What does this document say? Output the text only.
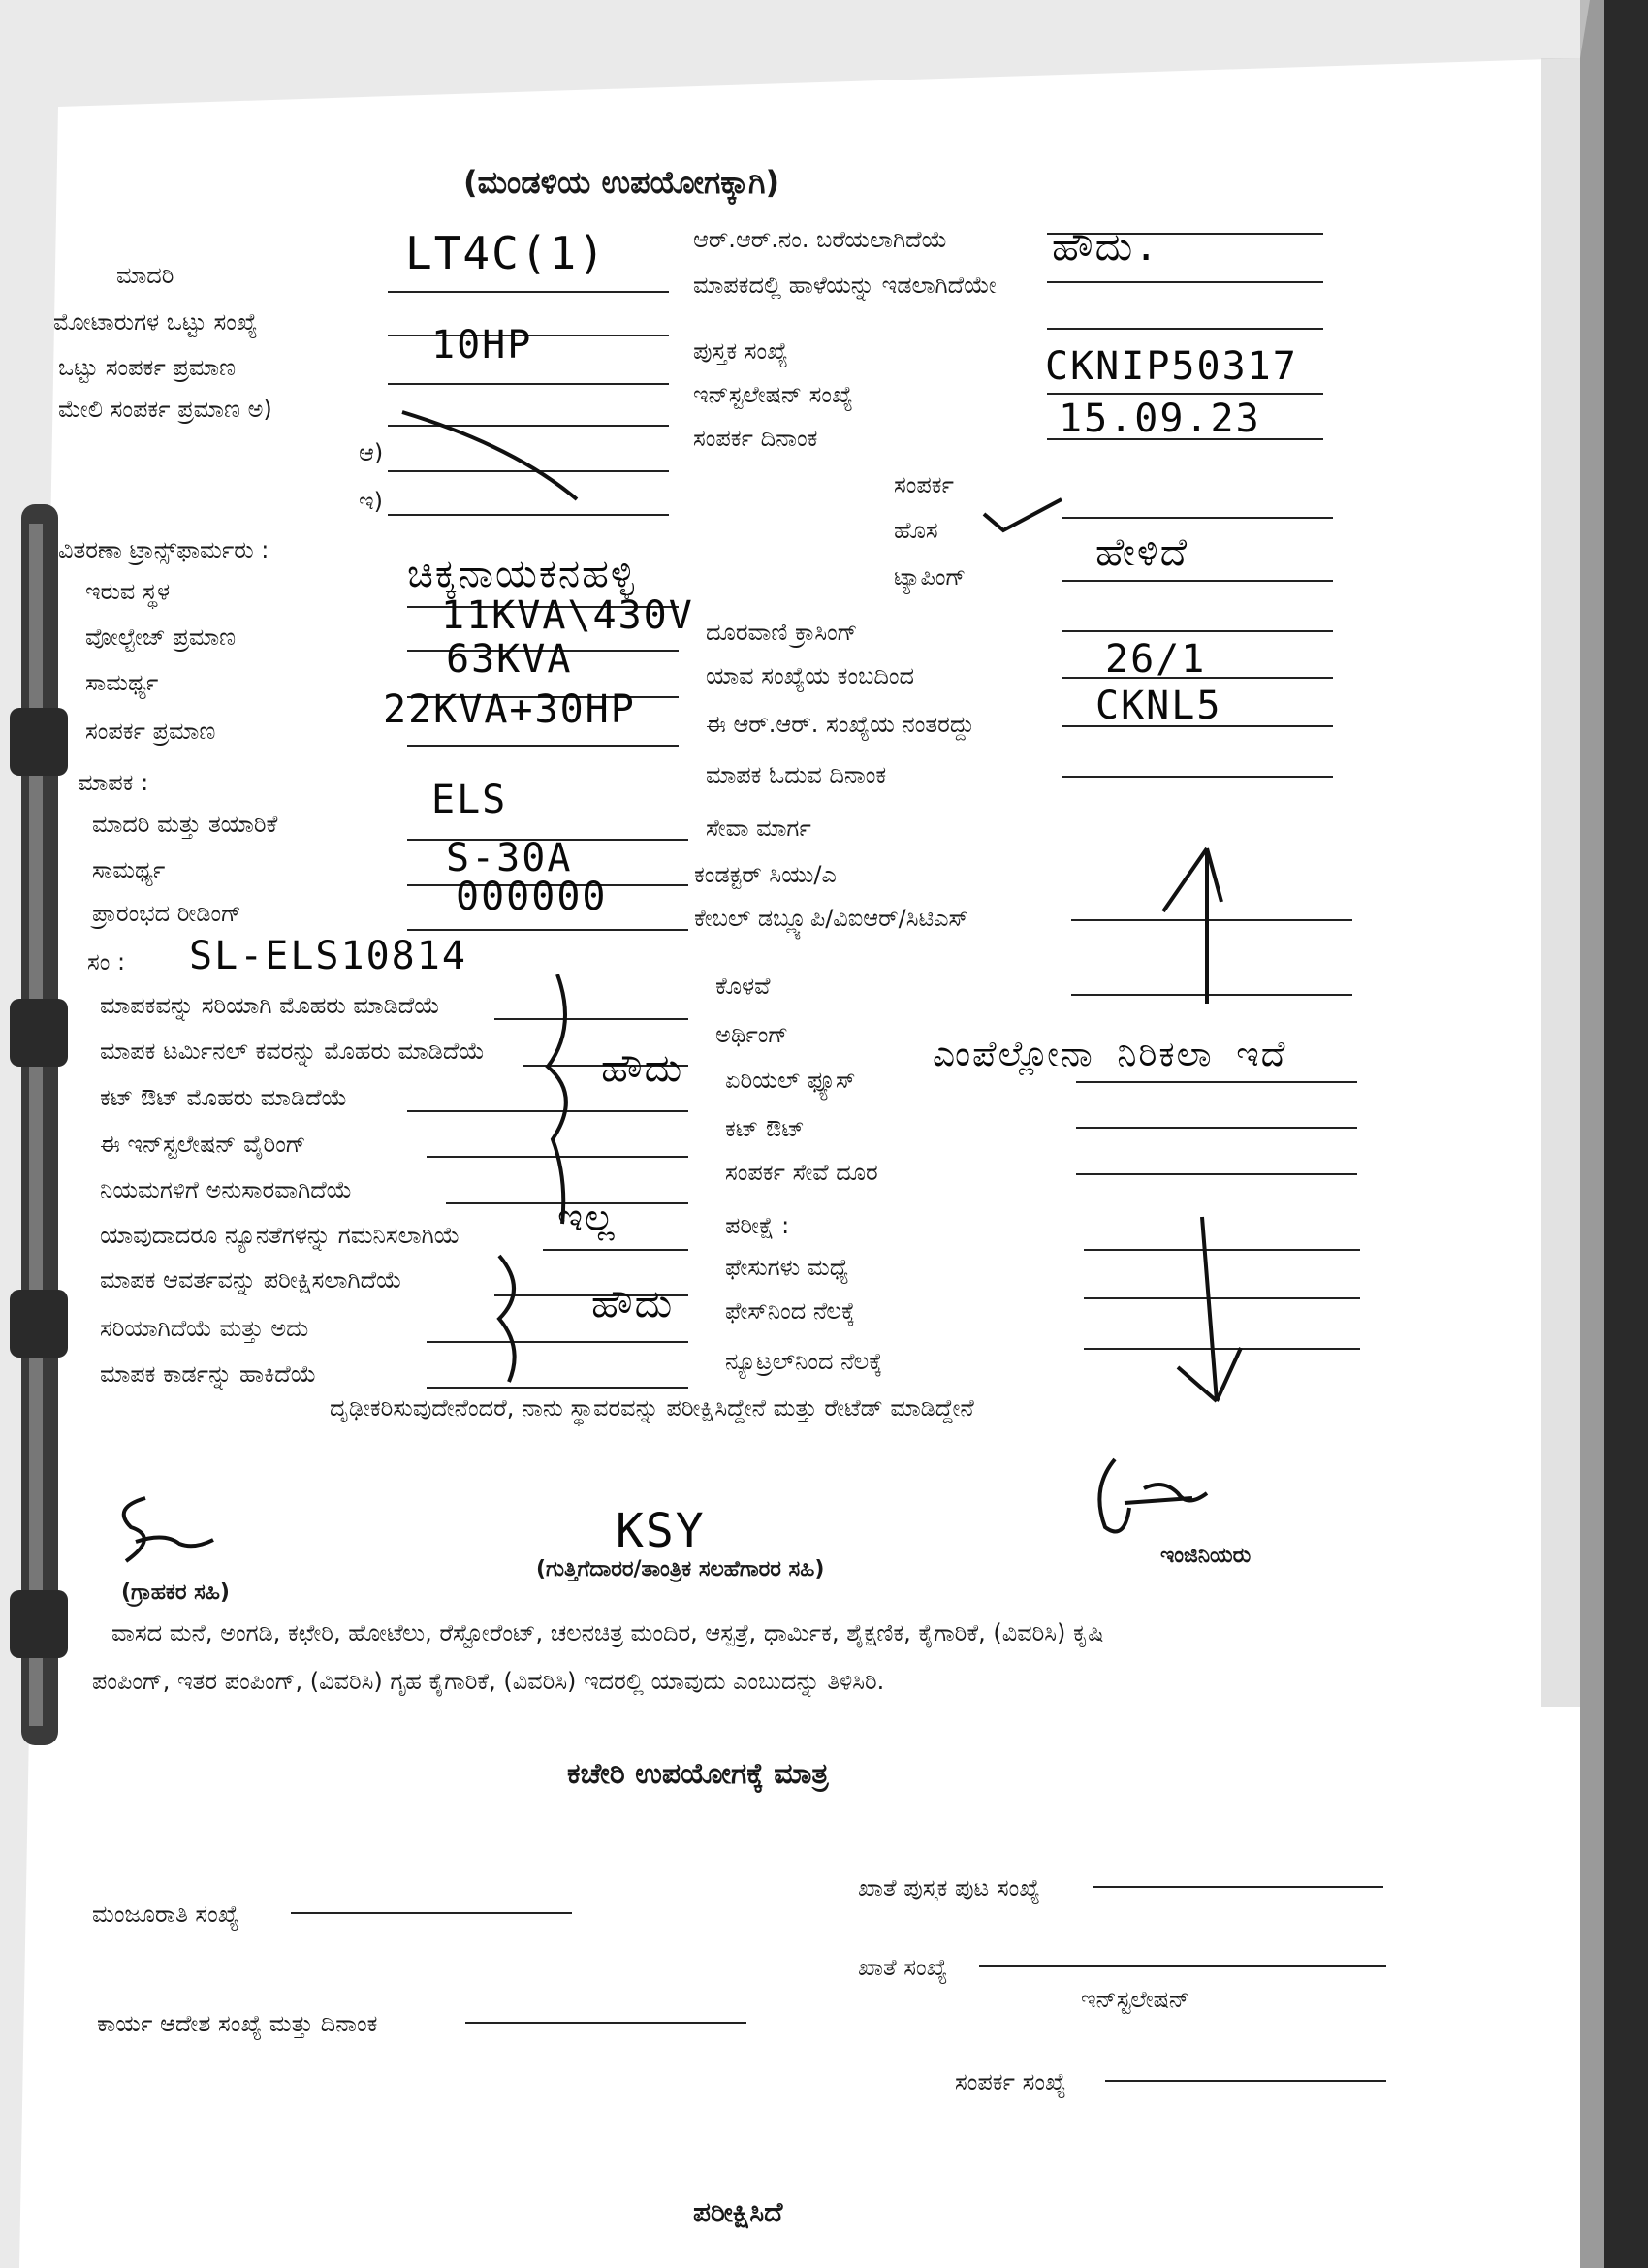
(ಮಂಡಳಿಯ ಉಪಯೋಗಕ್ಕಾಗಿ)
ಮಾದರಿ
ಮೋಟಾರುಗಳ ಒಟ್ಟು ಸಂಖ್ಯೆ
ಒಟ್ಟು ಸಂಪರ್ಕ ಪ್ರಮಾಣ
ಮೇಲಿ ಸಂಪರ್ಕ ಪ್ರಮಾಣ ಅ)
ಆ)
ಇ)
ವಿತರಣಾ ಟ್ರಾನ್ಸ್‌ಫಾರ್ಮರು :
ಇರುವ ಸ್ಥಳ
ವೋಲ್ಟೇಜ್ ಪ್ರಮಾಣ
ಸಾಮರ್ಥ್ಯ
ಸಂಪರ್ಕ ಪ್ರಮಾಣ
ಮಾಪಕ :
ಮಾದರಿ ಮತ್ತು ತಯಾರಿಕೆ
ಸಾಮರ್ಥ್ಯ
ಪ್ರಾರಂಭದ ರೀಡಿಂಗ್
ಸಂ :
ಮಾಪಕವನ್ನು ಸರಿಯಾಗಿ ಮೊಹರು ಮಾಡಿದೆಯೆ
ಮಾಪಕ ಟರ್ಮಿನಲ್ ಕವರನ್ನು ಮೊಹರು ಮಾಡಿದೆಯೆ
ಕಟ್ ಔಟ್ ಮೊಹರು ಮಾಡಿದೆಯೆ
ಈ ಇನ್‌ಸ್ಟಲೇಷನ್ ವೈರಿಂಗ್
ನಿಯಮಗಳಿಗೆ ಅನುಸಾರವಾಗಿದೆಯೆ
ಯಾವುದಾದರೂ ನ್ಯೂನತೆಗಳನ್ನು ಗಮನಿಸಲಾಗಿಯೆ
ಮಾಪಕ ಆವರ್ತವನ್ನು ಪರೀಕ್ಷಿಸಲಾಗಿದೆಯೆ
ಸರಿಯಾಗಿದೆಯೆ ಮತ್ತು ಅದು
ಮಾಪಕ ಕಾರ್ಡನ್ನು ಹಾಕಿದೆಯೆ
LT4C(1)
10HP
ಚಿಕ್ಕನಾಯಕನಹಳ್ಳಿ
11KVA\430V
63KVA
22KVA+30HP
ELS
S-30A
000000
SL-ELS10814
ಹೌದು
ಇಲ್ಲ
ಹೌದು
ಆರ್.ಆರ್.ನಂ. ಬರೆಯಲಾಗಿದೆಯೆ
ಮಾಪಕದಲ್ಲಿ ಹಾಳೆಯನ್ನು ಇಡಲಾಗಿದೆಯೇ
ಪುಸ್ತಕ ಸಂಖ್ಯೆ
ಇನ್‌ಸ್ಟಲೇಷನ್ ಸಂಖ್ಯೆ
ಸಂಪರ್ಕ ದಿನಾಂಕ
ಸಂಪರ್ಕ
ಹೊಸ
ಟ್ಯಾಪಿಂಗ್
ದೂರವಾಣಿ ಕ್ರಾಸಿಂಗ್
ಯಾವ ಸಂಖ್ಯೆಯ ಕಂಬದಿಂದ
ಈ ಆರ್.ಆರ್. ಸಂಖ್ಯೆಯ ನಂತರದ್ದು
ಮಾಪಕ ಓದುವ ದಿನಾಂಕ
ಸೇವಾ ಮಾರ್ಗ
ಕಂಡಕ್ಟರ್ ಸಿಯು/ಎ
ಕೇಬಲ್ ಡಬ್ಲ್ಯೂಪಿ/ವಿಐಆರ್/ಸಿಟಿಎಸ್
ಕೊಳವೆ
ಅರ್ಥಿಂಗ್
ಏರಿಯಲ್ ಫ್ಯೂಸ್
ಕಟ್ ಔಟ್
ಸಂಪರ್ಕ ಸೇವೆ ದೂರ
ಪರೀಕ್ಷೆ :
ಫೇಸುಗಳು ಮಧ್ಯೆ
ಫೇಸ್‌ನಿಂದ ನೆಲಕ್ಕೆ
ನ್ಯೂಟ್ರಲ್‌ನಿಂದ ನೆಲಕ್ಕೆ
ಹೌದು.
CKNIP50317
15.09.23
ಹೇಳಿದೆ
26/1
CKNL5
ಎಂಪೆಲ್ಲೋನಾ ನಿರಿಕಲಾ ಇದೆ
ದೃಢೀಕರಿಸುವುದೇನೆಂದರೆ, ನಾನು ಸ್ಥಾವರವನ್ನು ಪರೀಕ್ಷಿಸಿದ್ದೇನೆ ಮತ್ತು ರೇಟೆಡ್ ಮಾಡಿದ್ದೇನೆ
KSY
(ಗ್ರಾಹಕರ ಸಹಿ)
(ಗುತ್ತಿಗೆದಾರರ/ತಾಂತ್ರಿಕ ಸಲಹೆಗಾರರ ಸಹಿ)
ಇಂಜಿನಿಯರು
ವಾಸದ ಮನೆ, ಅಂಗಡಿ, ಕಛೇರಿ, ಹೋಟೆಲು, ರೆಸ್ಟೋರೆಂಟ್, ಚಲನಚಿತ್ರ ಮಂದಿರ, ಆಸ್ಪತ್ರೆ, ಧಾರ್ಮಿಕ, ಶೈಕ್ಷಣಿಕ, ಕೈಗಾರಿಕೆ, (ವಿವರಿಸಿ) ಕೃಷಿ
ಪಂಪಿಂಗ್, ಇತರ ಪಂಪಿಂಗ್, (ವಿವರಿಸಿ) ಗೃಹ ಕೈಗಾರಿಕೆ, (ವಿವರಿಸಿ) ಇದರಲ್ಲಿ ಯಾವುದು ಎಂಬುದನ್ನು ತಿಳಿಸಿರಿ.
ಕಚೇರಿ ಉಪಯೋಗಕ್ಕೆ ಮಾತ್ರ
ಮಂಜೂರಾತಿ ಸಂಖ್ಯೆ
ಖಾತೆ ಪುಸ್ತಕ ಪುಟ ಸಂಖ್ಯೆ
ಖಾತೆ ಸಂಖ್ಯೆ
ಇನ್‌ಸ್ಟಲೇಷನ್
ಕಾರ್ಯ ಆದೇಶ ಸಂಖ್ಯೆ ಮತ್ತು ದಿನಾಂಕ
ಸಂಪರ್ಕ ಸಂಖ್ಯೆ
ಪರೀಕ್ಷಿಸಿದೆ
